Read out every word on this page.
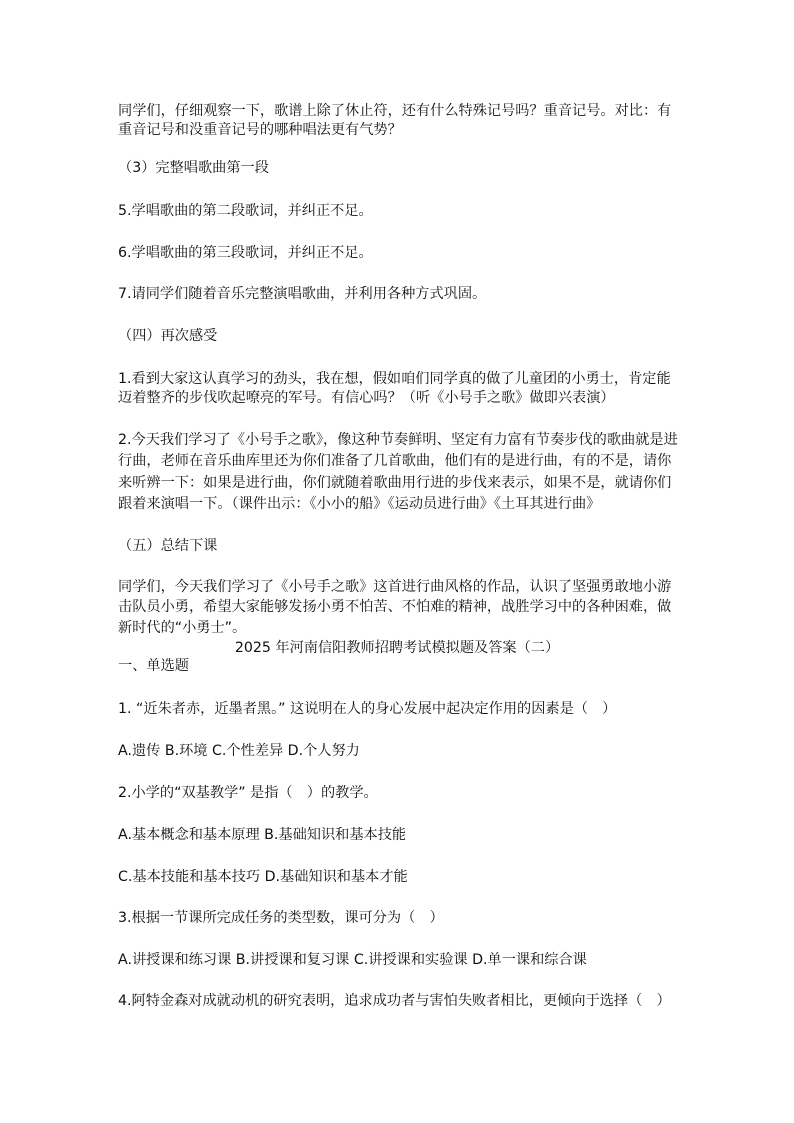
同学们，仔细观察一下，歌谱上除了休止符，还有什么特殊记号吗？重音记号。对比：有
重音记号和没重音记号的哪种唱法更有气势？
（3）完整唱歌曲第一段
5.学唱歌曲的第二段歌词，并纠正不足。
6.学唱歌曲的第三段歌词，并纠正不足。
7.请同学们随着音乐完整演唱歌曲，并利用各种方式巩固。
（四）再次感受
1.看到大家这认真学习的劲头，我在想，假如咱们同学真的做了儿童团的小勇士，肯定能
迈着整齐的步伐吹起嘹亮的军号。有信心吗？（听《小号手之歌》做即兴表演）
2.今天我们学习了《小号手之歌》，像这种节奏鲜明、坚定有力富有节奏步伐的歌曲就是进
行曲，老师在音乐曲库里还为你们准备了几首歌曲，他们有的是进行曲，有的不是，请你
来听辨一下：如果是进行曲，你们就随着歌曲用行进的步伐来表示，如果不是，就请你们
跟着来演唱一下。（课件出示：《小小的船》《运动员进行曲》《土耳其进行曲》
（五）总结下课
同学们，今天我们学习了《小号手之歌》这首进行曲风格的作品，认识了坚强勇敢地小游
击队员小勇，希望大家能够发扬小勇不怕苦、不怕难的精神，战胜学习中的各种困难，做
新时代的“小勇士”。
2025 年河南信阳教师招聘考试模拟题及答案（二）
一、单选题
1. “近朱者赤，近墨者黑。” 这说明在人的身心发展中起决定作用的因素是（　）
A.遗传 B.环境 C.个性差异 D.个人努力
2.小学的“双基教学” 是指（　）的教学。
A.基本概念和基本原理 B.基础知识和基本技能
C.基本技能和基本技巧 D.基础知识和基本才能
3.根据一节课所完成任务的类型数，课可分为（　）
A.讲授课和练习课 B.讲授课和复习课 C.讲授课和实验课 D.单一课和综合课
4.阿特金森对成就动机的研究表明，追求成功者与害怕失败者相比，更倾向于选择（　）
